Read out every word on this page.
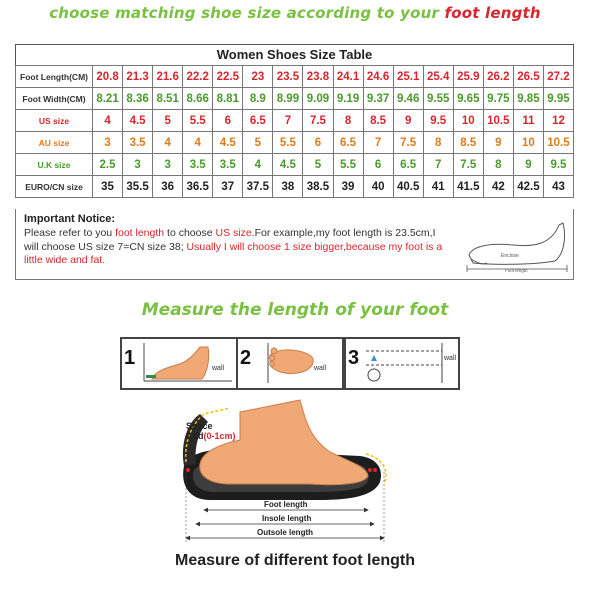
choose matching shoe size according to your foot length
Women Shoes Size Table
Foot Length(CM)	20.8	21.3	21.6	22.2	22.5	23	23.5	23.8	24.1	24.6	25.1	25.4	25.9	26.2	26.5	27.2
Foot Width(CM)	8.21	8.36	8.51	8.66	8.81	8.9	8.99	9.09	9.19	9.37	9.46	9.55	9.65	9.75	9.85	9.95
US size	4	4.5	5	5.5	6	6.5	7	7.5	8	8.5	9	9.5	10	10.5	11	12
AU size	3	3.5	4	4	4.5	5	5.5	6	6.5	7	7.5	8	8.5	9	10	10.5
U.K size	2.5	3	3	3.5	3.5	4	4.5	5	5.5	6	6.5	7	7.5	8	9	9.5
EURO/CN size	35	35.5	36	36.5	37	37.5	38	38.5	39	40	40.5	41	41.5	42	42.5	43
Important Notice:
Please refer to you foot length to choose US size.For example,my foot length is 23.5cm,I will choose US size 7=CN size 38; Usually I will choose 1 size bigger,because my foot is a little wide and fat.	Enclose
Foot length
Measure the length of your foot
1	wall 2	wall 3	wall
Space
Add(0-1cm)
Foot length
Insole length
Outsole length
Measure of different foot length
